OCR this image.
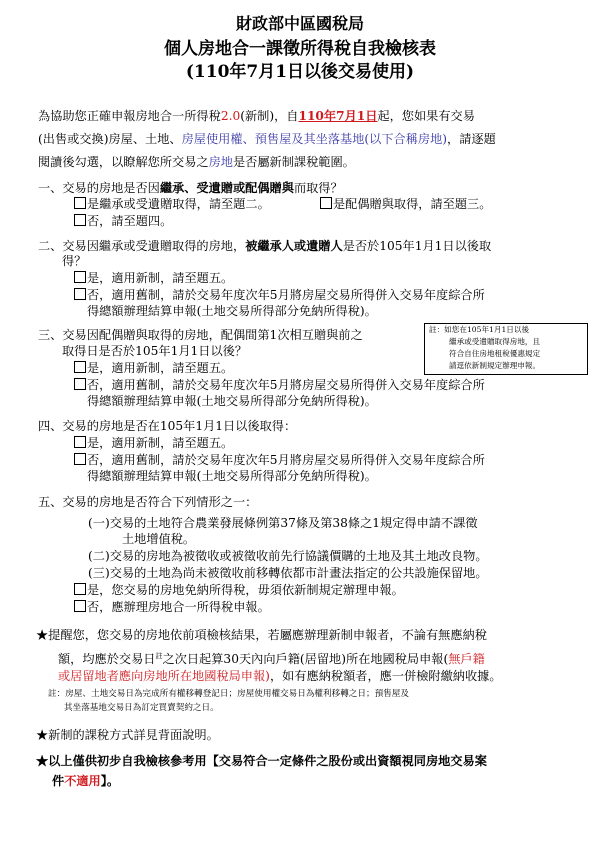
財政部中區國稅局
個人房地合一課徵所得稅自我檢核表
(110年7月1日以後交易使用)
為協助您正確申報房地合一所得稅2.0(新制)，自110年7月1日起，您如果有交易
(出售或交換)房屋、土地、房屋使用權、預售屋及其坐落基地(以下合稱房地)，請逐題
閱讀後勾選，以瞭解您所交易之房地是否屬新制課稅範圍。
一、交易的房地是否因繼承、受遺贈或配偶贈與而取得？
是繼承或受遺贈取得，請至題二。	是配偶贈與取得，請至題三。
否，請至題四。
二、交易因繼承或受遺贈取得的房地，被繼承人或遺贈人是否於105年1月1日以後取
得？
是，適用新制，請至題五。
否，適用舊制，請於交易年度次年5月將房屋交易所得併入交易年度綜合所
得總額辦理結算申報(土地交易所得部分免納所得稅)。
三、交易因配偶贈與取得的房地，配偶間第1次相互贈與前之
取得日是否於105年1月1日以後？
是，適用新制，請至題五。
否，適用舊制，請於交易年度次年5月將房屋交易所得併入交易年度綜合所
得總額辦理結算申報(土地交易所得部分免納所得稅)。
註：如您在105年1月1日以後
繼承或受遺贈取得房地，且
符合自住房地租稅優惠規定
請逕依新制規定辦理申報。
四、交易的房地是否在105年1月1日以後取得：
是，適用新制，請至題五。
否，適用舊制，請於交易年度次年5月將房屋交易所得併入交易年度綜合所
得總額辦理結算申報(土地交易所得部分免納所得稅)。
五、交易的房地是否符合下列情形之一：
(一)交易的土地符合農業發展條例第37條及第38條之1規定得申請不課徵
土地增值稅。
(二)交易的房地為被徵收或被徵收前先行協議價購的土地及其土地改良物。
(三)交易的土地為尚未被徵收前移轉依都市計畫法指定的公共設施保留地。
是，您交易的房地免納所得稅，毋須依新制規定辦理申報。
否，應辦理房地合一所得稅申報。
★提醒您，您交易的房地依前項檢核結果，若屬應辦理新制申報者，不論有無應納稅
額，均應於交易日$^註$之次日起算30天內向戶籍(居留地)所在地國稅局申報(無戶籍
或居留地者應向房地所在地國稅局申報)，如有應納稅額者，應一併檢附繳納收據。
註：房屋、土地交易日為完成所有權移轉登記日；房屋使用權交易日為權利移轉之日；預售屋及
其坐落基地交易日為訂定買賣契約之日。
★新制的課稅方式詳見背面說明。
★以上僅供初步自我檢核參考用【交易符合一定條件之股份或出資額視同房地交易案
件不適用】。
